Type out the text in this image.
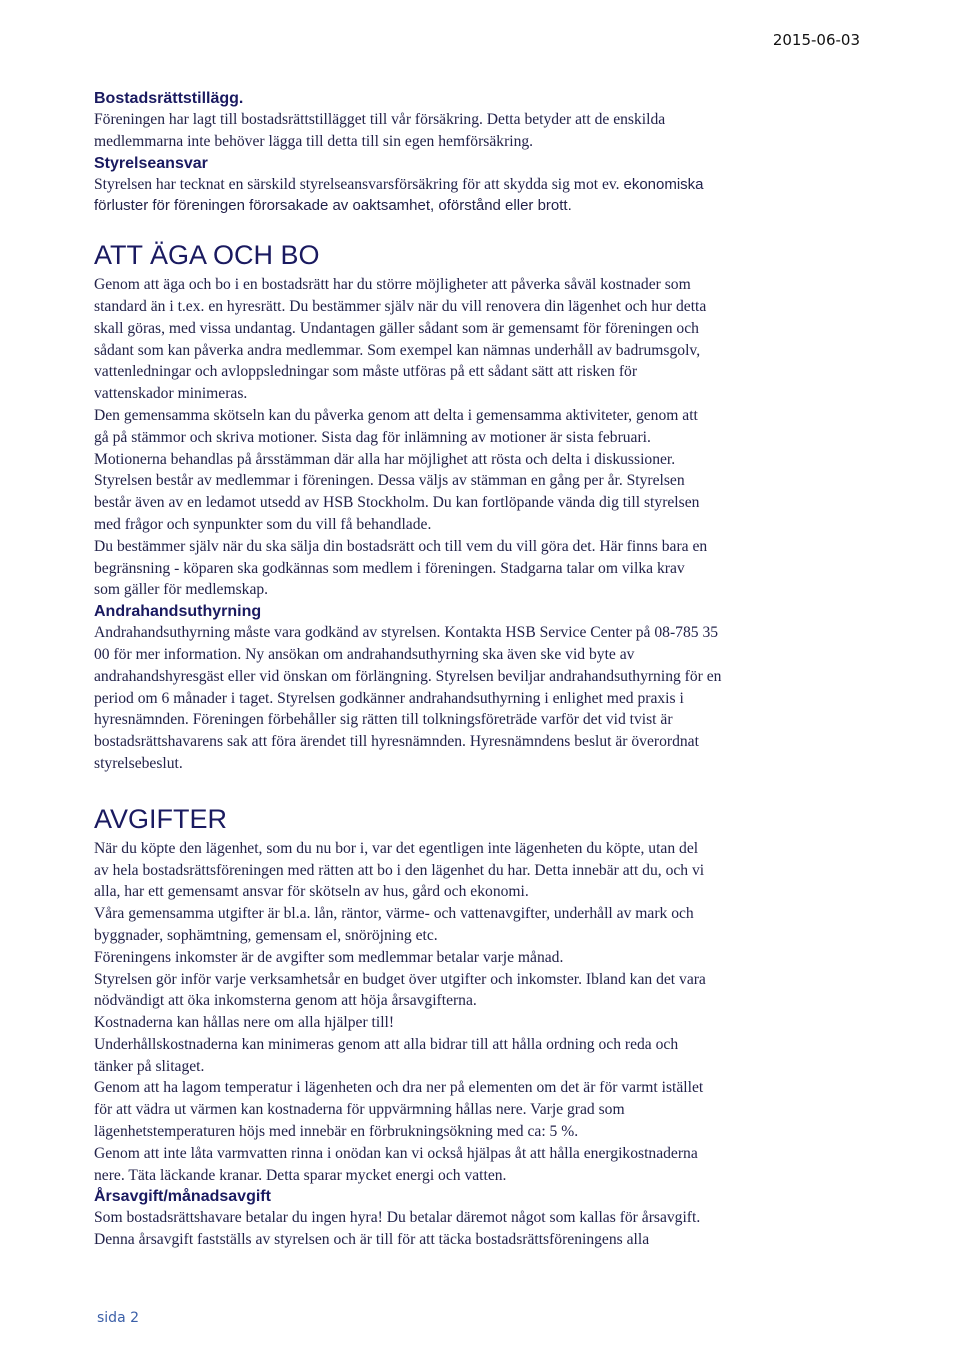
2015-06-03
Bostadsrättstillägg.

Föreningen har lagt till bostadsrättstillägget till vår försäkring. Detta betyder att de enskilda
medlemmarna inte behöver lägga till detta till sin egen hemförsäkring.

Styrelseansvar

Styrelsen har tecknat en särskild styrelseansvarsförsäkring för att skydda sig mot ev. ekonomiska
förluster för föreningen förorsakade av oaktsamhet, oförstånd eller brott.

ATT ÄGA OCH BO

Genom att äga och bo i en bostadsrätt har du större möjligheter att påverka såväl kostnader som
standard än i t.ex. en hyresrätt. Du bestämmer själv när du vill renovera din lägenhet och hur detta
skall göras, med vissa undantag. Undantagen gäller sådant som är gemensamt för föreningen och
sådant som kan påverka andra medlemmar. Som exempel kan nämnas underhåll av badrumsgolv,
vattenledningar och avloppsledningar som måste utföras på ett sådant sätt att risken för
vattenskador minimeras.

Den gemensamma skötseln kan du påverka genom att delta i gemensamma aktiviteter, genom att
gå på stämmor och skriva motioner. Sista dag för inlämning av motioner är sista februari.
Motionerna behandlas på årsstämman där alla har möjlighet att rösta och delta i diskussioner.
Styrelsen består av medlemmar i föreningen. Dessa väljs av stämman en gång per år. Styrelsen
består även av en ledamot utsedd av HSB Stockholm. Du kan fortlöpande vända dig till styrelsen
med frågor och synpunkter som du vill få behandlade.

Du bestämmer själv när du ska sälja din bostadsrätt och till vem du vill göra det. Här finns bara en
begränsning - köparen ska godkännas som medlem i föreningen. Stadgarna talar om vilka krav
som gäller för medlemskap.

Andrahandsuthyrning

Andrahandsuthyrning måste vara godkänd av styrelsen. Kontakta HSB Service Center på 08-785 35
00 för mer information. Ny ansökan om andrahandsuthyrning ska även ske vid byte av
andrahandshyresgäst eller vid önskan om förlängning. Styrelsen beviljar andrahandsuthyrning för en
period om 6 månader i taget. Styrelsen godkänner andrahandsuthyrning i enlighet med praxis i
hyresnämnden. Föreningen förbehåller sig rätten till tolkningsföreträde varför det vid tvist är
bostadsrättshavarens sak att föra ärendet till hyresnämnden. Hyresnämndens beslut är överordnat
styrelsebeslut.

AVGIFTER

När du köpte den lägenhet, som du nu bor i, var det egentligen inte lägenheten du köpte, utan del
av hela bostadsrättsföreningen med rätten att bo i den lägenhet du har. Detta innebär att du, och vi
alla, har ett gemensamt ansvar för skötseln av hus, gård och ekonomi.

Våra gemensamma utgifter är bl.a. lån, räntor, värme- och vattenavgifter, underhåll av mark och
byggnader, sophämtning, gemensam el, snöröjning etc.

Föreningens inkomster är de avgifter som medlemmar betalar varje månad.

Styrelsen gör inför varje verksamhetsår en budget över utgifter och inkomster. Ibland kan det vara
nödvändigt att öka inkomsterna genom att höja årsavgifterna.

Kostnaderna kan hållas nere om alla hjälper till!

Underhållskostnaderna kan minimeras genom att alla bidrar till att hålla ordning och reda och
tänker på slitaget.

Genom att ha lagom temperatur i lägenheten och dra ner på elementen om det är för varmt istället
för att vädra ut värmen kan kostnaderna för uppvärmning hållas nere. Varje grad som
lägenhetstemperaturen höjs med innebär en förbrukningsökning med ca: 5 %.

Genom att inte låta varmvatten rinna i onödan kan vi också hjälpas åt att hålla energikostnaderna
nere. Täta läckande kranar. Detta sparar mycket energi och vatten.

Årsavgift/månadsavgift

Som bostadsrättshavare betalar du ingen hyra! Du betalar däremot något som kallas för årsavgift.
Denna årsavgift fastställs av styrelsen och är till för att täcka bostadsrättsföreningens alla

sida 2
